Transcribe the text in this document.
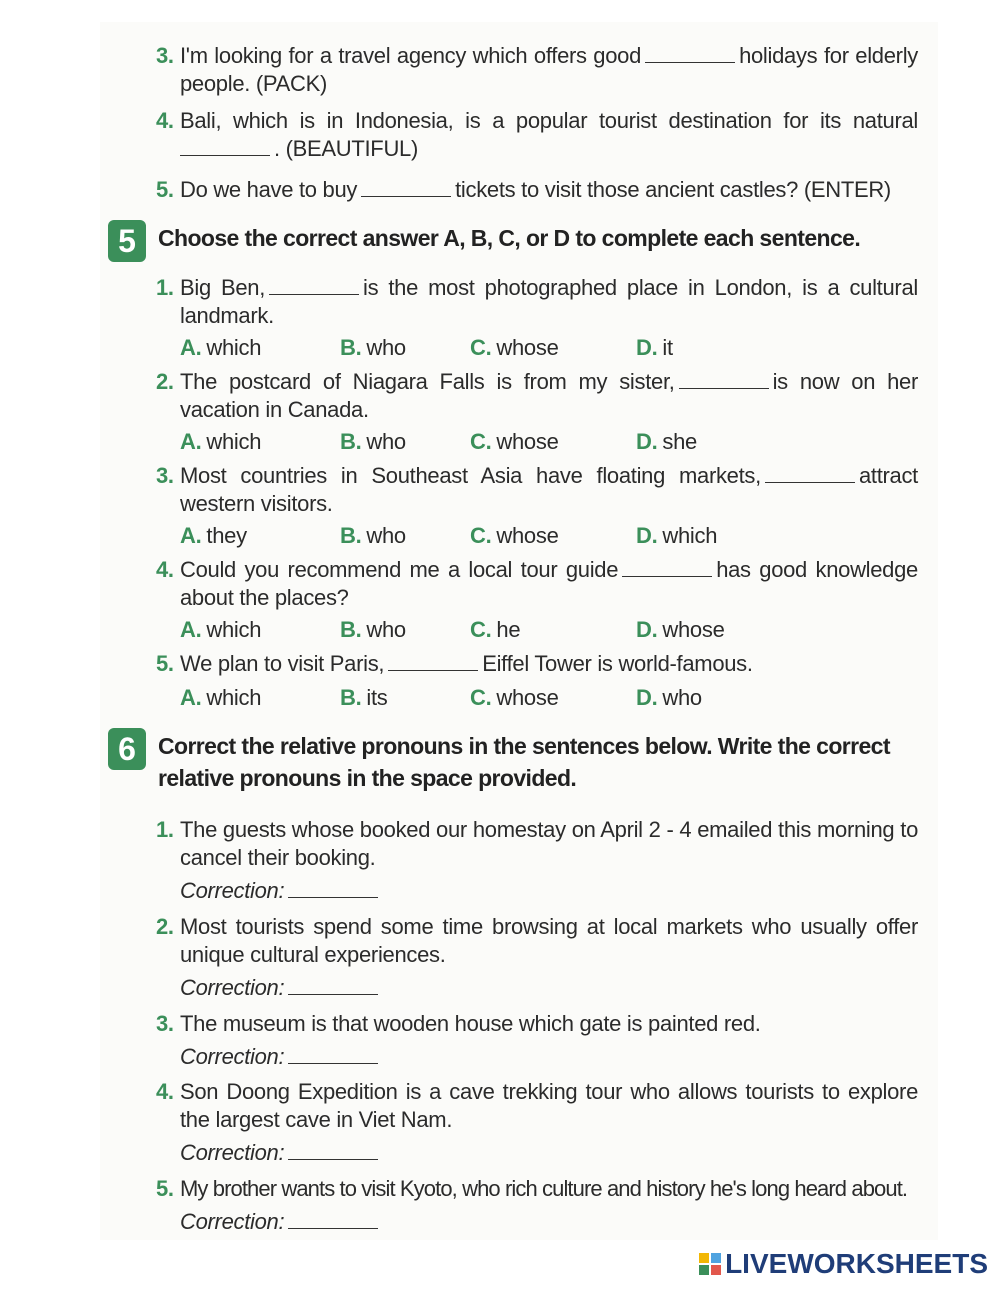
3. I'm looking for a travel agency which offers good	holidays for elderly people. (PACK)
4. Bali, which is in Indonesia, is a popular tourist destination for its natural . (BEAUTIFUL)
5. Do we have to buy	tickets to visit those ancient castles? (ENTER)
5 Choose the correct answer A, B, C, or D to complete each sentence.
1. Big Ben,	is the most photographed place in London, is a cultural landmark.
A. which	B. who	C. whose	D. it
2. The postcard of Niagara Falls is from my sister,	is now on her vacation in Canada.
A. which	B. who	C. whose	D. she
3. Most countries in Southeast Asia have floating markets,	attract western visitors.
A. they	B. who	C. whose	D. which
4. Could you recommend me a local tour guide	has good knowledge about the places?
A. which	B. who	C. he	D. whose
5. We plan to visit Paris,	Eiffel Tower is world-famous.
A. which	B. its	C. whose	D. who
6 Correct the relative pronouns in the sentences below. Write the correct relative pronouns in the space provided.
1. The guests whose booked our homestay on April 2 - 4 emailed this morning to cancel their booking.
Correction:
2. Most tourists spend some time browsing at local markets who usually offer unique cultural experiences.
Correction:
3. The museum is that wooden house which gate is painted red.
Correction:
4. Son Doong Expedition is a cave trekking tour who allows tourists to explore the largest cave in Viet Nam.
Correction:
5. My brother wants to visit Kyoto, who rich culture and history he's long heard about.
Correction:
LIVEWORKSHEETS
